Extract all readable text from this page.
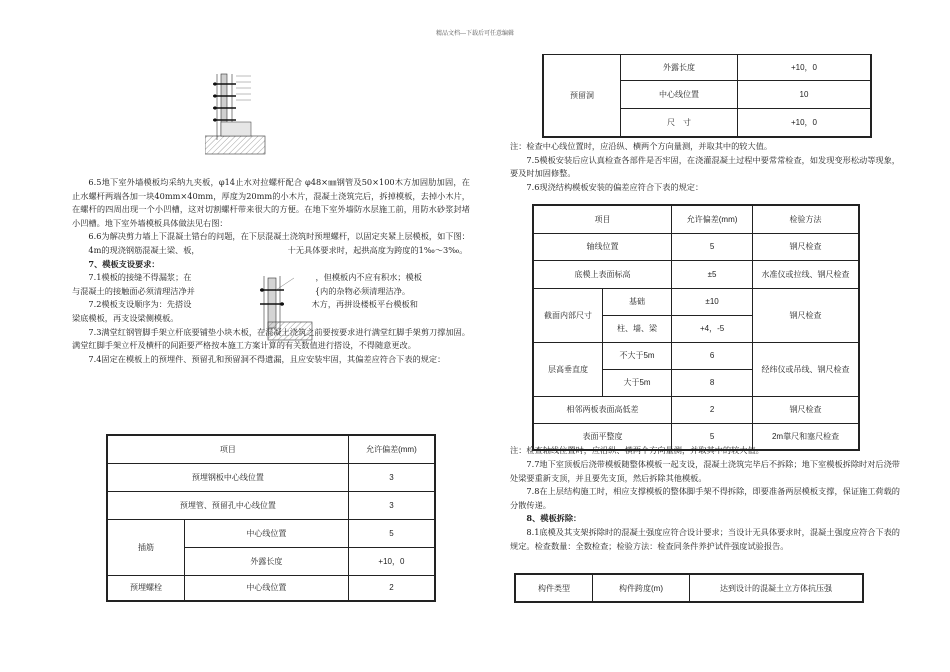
精品文档---下载后可任意编辑

6.5地下室外墙模板均采纳九夹板，φ14止水对拉螺杆配合 φ48×㎜钢管及50×100木方加固肋加固，在止水螺杆两端各加一块40mm×40mm，厚度为20mm的小木片，混凝土浇筑完后，拆掉模板，去掉小木片，在螺杆的四周出现一个小凹槽，这对切割螺杆带来很大的方便。在地下室外墙防水层施工前，用防水砂浆封堵小凹槽。地下室外墙模板具体做法见右图：

6.6为解决剪力墙上下混凝土错台的问题，在下层混凝土浇筑时预埋螺杆，以固定夹紧上层模板，如下图：

4m的现浇钢筋混凝土梁、板，	十无具体要求时，起拱高度为跨度的1‰～3‰。

7、模板支设要求：

7.1模板的接缝不得漏浆；在	，但模板内不应有积水；模板

与混凝土的接触面必须清理洁净并	{内的杂物必须清理洁净。

7.2模板支设顺序为：先搭设	木方，再拼设楼板平台模板和

梁底模板，再支设梁侧模板。

7.3满堂红钢管脚手架立杆底要铺垫小块木板，在混凝土浇筑之前要按要求进行满堂红脚手架剪刀撑加固。满堂红脚手架立杆及横杆的间距要严格按本施工方案计算的有关数值进行搭设，不得随意更改。

7.4固定在模板上的预埋件、预留孔和预留洞不得遗漏，且应安装牢固，其偏差应符合下表的规定：

项目		允许偏差(mm)
预埋钢板中心线位置		3
预埋管、预留孔中心线位置		3
插筋	中心线位置	5
	外露长度	+10，0
预埋螺栓	中心线位置	2
预留洞	外露长度	+10，0
	中心线位置	10
	尺　寸	+10，0

注：检查中心线位置时，应沿纵、横两个方向量测，并取其中的较大值。

7.5模板安装后应认真检查各部件是否牢固，在浇灌混凝土过程中要常常检查，如发现变形松动等现象，要及时加固修整。

7.6现浇结构模板安装的偏差应符合下表的规定：

注：检查轴线位置时，应沿纵、横两个方向量测，并取其中的较大值。

7.7地下室顶板后浇带模板随整体模板一起支设，混凝土浇筑完毕后不拆除；地下室模板拆除时对后浇带处梁要重新支顶，并且要先支顶，然后拆除其他模板。

7.8在上层结构施工时，相应支撑模板的整体脚手架不得拆除，即要准备两层模板支撑，保证施工荷载的分散传递。

8、模板拆除：

8.1底模及其支架拆除时的混凝土强度应符合设计要求；当设计无具体要求时，混凝土强度应符合下表的规定。检查数量：全数检查；检验方法：检查同条件养护试件强度试验报告。

项目		允许偏差(mm)	检验方法
轴线位置		5	钢尺检查
底模上表面标高		±5	水准仪或拉线、钢尺检查
截面内部尺寸	基础	±10	钢尺检查
	柱、墙、梁	+4，-5	
层高垂直度	不大于5m	6	经纬仪或吊线、钢尺检查
	大于5m	8	
相邻两板表面高低差		2	钢尺检查
表面平整度		5	2m靠尺和塞尺检查
构件类型	构件跨度(m)	达到设计的混凝土立方体抗压强
